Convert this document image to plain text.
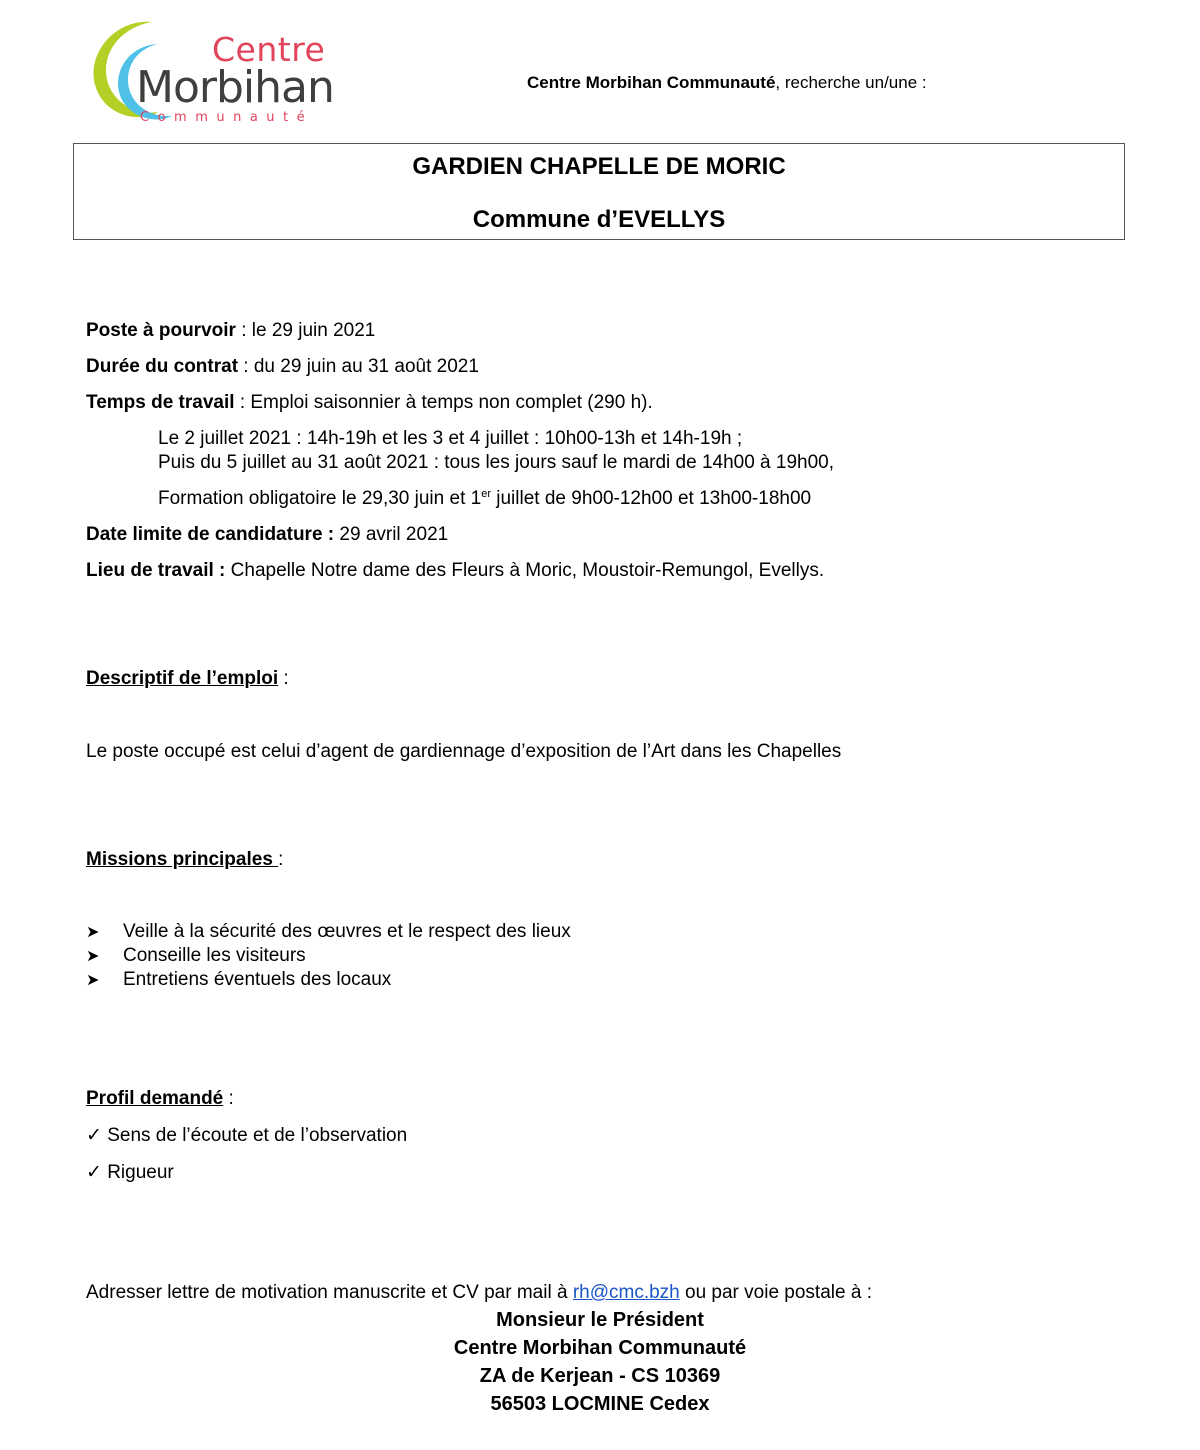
Centre
Morbihan
Communauté
Centre Morbihan Communauté, recherche un/une :
GARDIEN CHAPELLE DE MORIC
Commune d’EVELLYS
Poste à pourvoir : le 29 juin 2021
Durée du contrat : du 29 juin au 31 août 2021
Temps de travail : Emploi saisonnier à temps non complet (290 h).
Le 2 juillet 2021 : 14h-19h et les 3 et 4 juillet : 10h00-13h et 14h-19h ;
Puis du 5 juillet au 31 août 2021 : tous les jours sauf le mardi de 14h00 à 19h00,
Formation obligatoire le 29,30 juin et 1er juillet de 9h00-12h00 et 13h00-18h00
Date limite de candidature : 29 avril 2021
Lieu de travail : Chapelle Notre dame des Fleurs à Moric, Moustoir-Remungol, Evellys.
Descriptif de l’emploi :
Le poste occupé est celui d’agent de gardiennage d’exposition de l’Art dans les Chapelles
Missions principales :
➤ Veille à la sécurité des œuvres et le respect des lieux
➤ Conseille les visiteurs
➤ Entretiens éventuels des locaux
Profil demandé :
✓ Sens de l’écoute et de l’observation
✓ Rigueur
Adresser lettre de motivation manuscrite et CV par mail à rh@cmc.bzh ou par voie postale à :
Monsieur le Président
Centre Morbihan Communauté
ZA de Kerjean - CS 10369
56503 LOCMINE Cedex
